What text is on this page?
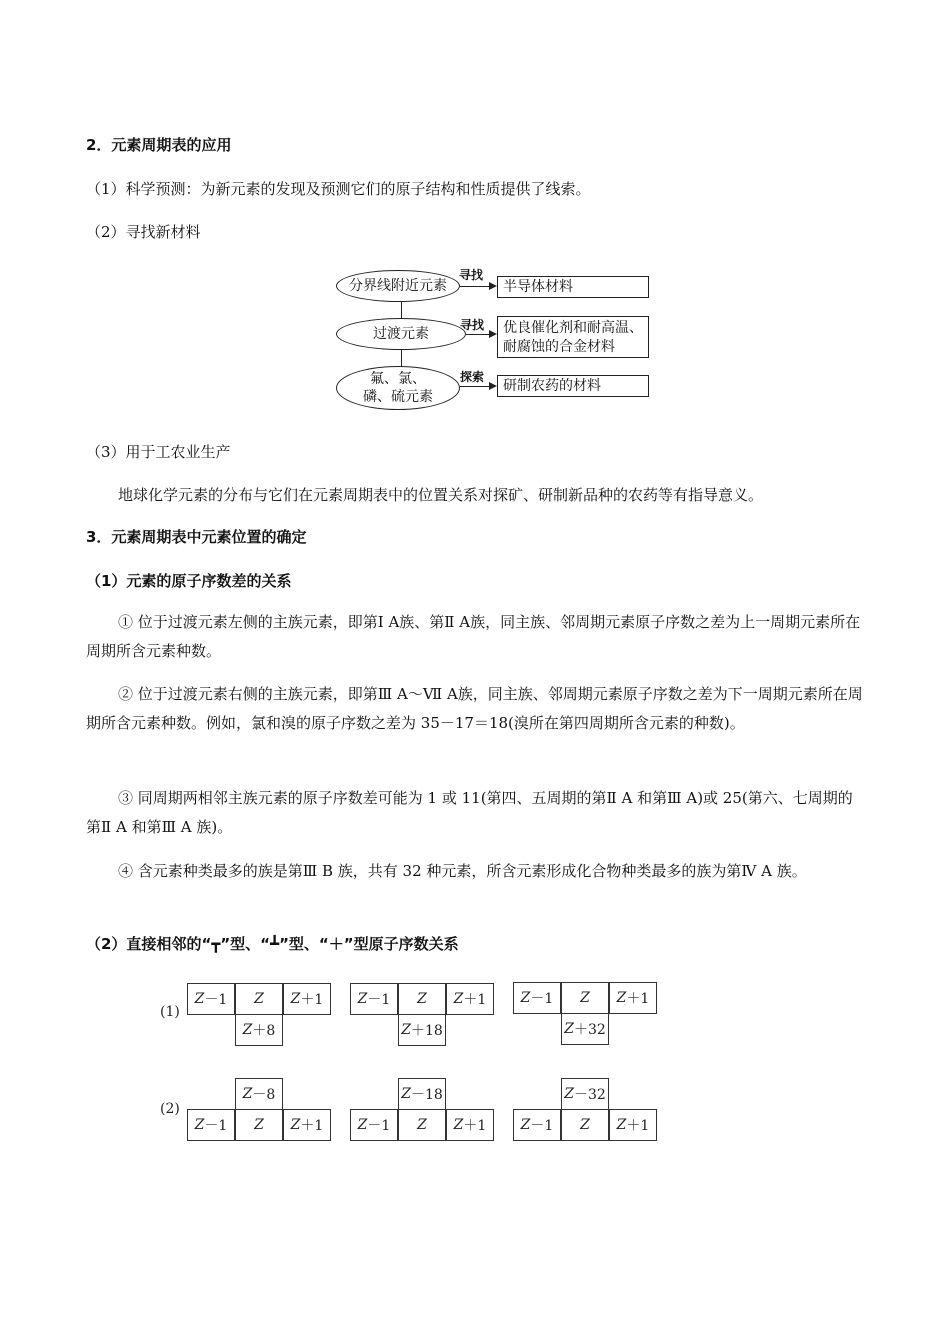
2．元素周期表的应用
（1）科学预测：为新元素的发现及预测它们的原子结构和性质提供了线索。
（2）寻找新材料
分界线附近元素
寻找
半导体材料
过渡元素
寻找	优良催化剂和耐高温、耐腐蚀的合金材料
氟、氯、磷、硫元素
探索
研制农药的材料
（3）用于工农业生产
地球化学元素的分布与它们在元素周期表中的位置关系对探矿、研制新品种的农药等有指导意义。
3．元素周期表中元素位置的确定
（1）元素的原子序数差的关系
① 位于过渡元素左侧的主族元素，即第Ⅰ A族、第Ⅱ A族，同主族、邻周期元素原子序数之差为上一周期元素所在周期所含元素种数。
② 位于过渡元素右侧的主族元素，即第Ⅲ A～Ⅶ A族，同主族、邻周期元素原子序数之差为下一周期元素所在周期所含元素种数。例如，氯和溴的原子序数之差为 35－17＝18(溴所在第四周期所含元素的种数)。
③ 同周期两相邻主族元素的原子序数差可能为 1 或 11(第四、五周期的第Ⅱ A 和第Ⅲ A)或 25(第六、七周期的第Ⅱ A 和第Ⅲ A 族)。
④ 含元素种类最多的族是第Ⅲ B 族，共有 32 种元素，所含元素形成化合物种类最多的族为第Ⅳ A 族。
（2）直接相邻的“┳”型、“┻”型、“＋”型原子序数关系
(1)
(2)
Z －1	Z Z ＋1
Z ＋8
Z －1	Z Z ＋1
Z ＋18
Z －1	Z Z ＋1
Z ＋32
Z －8
Z －1	Z Z ＋1
Z －18
Z －1	Z Z ＋1
Z －32
Z －1	Z Z ＋1
